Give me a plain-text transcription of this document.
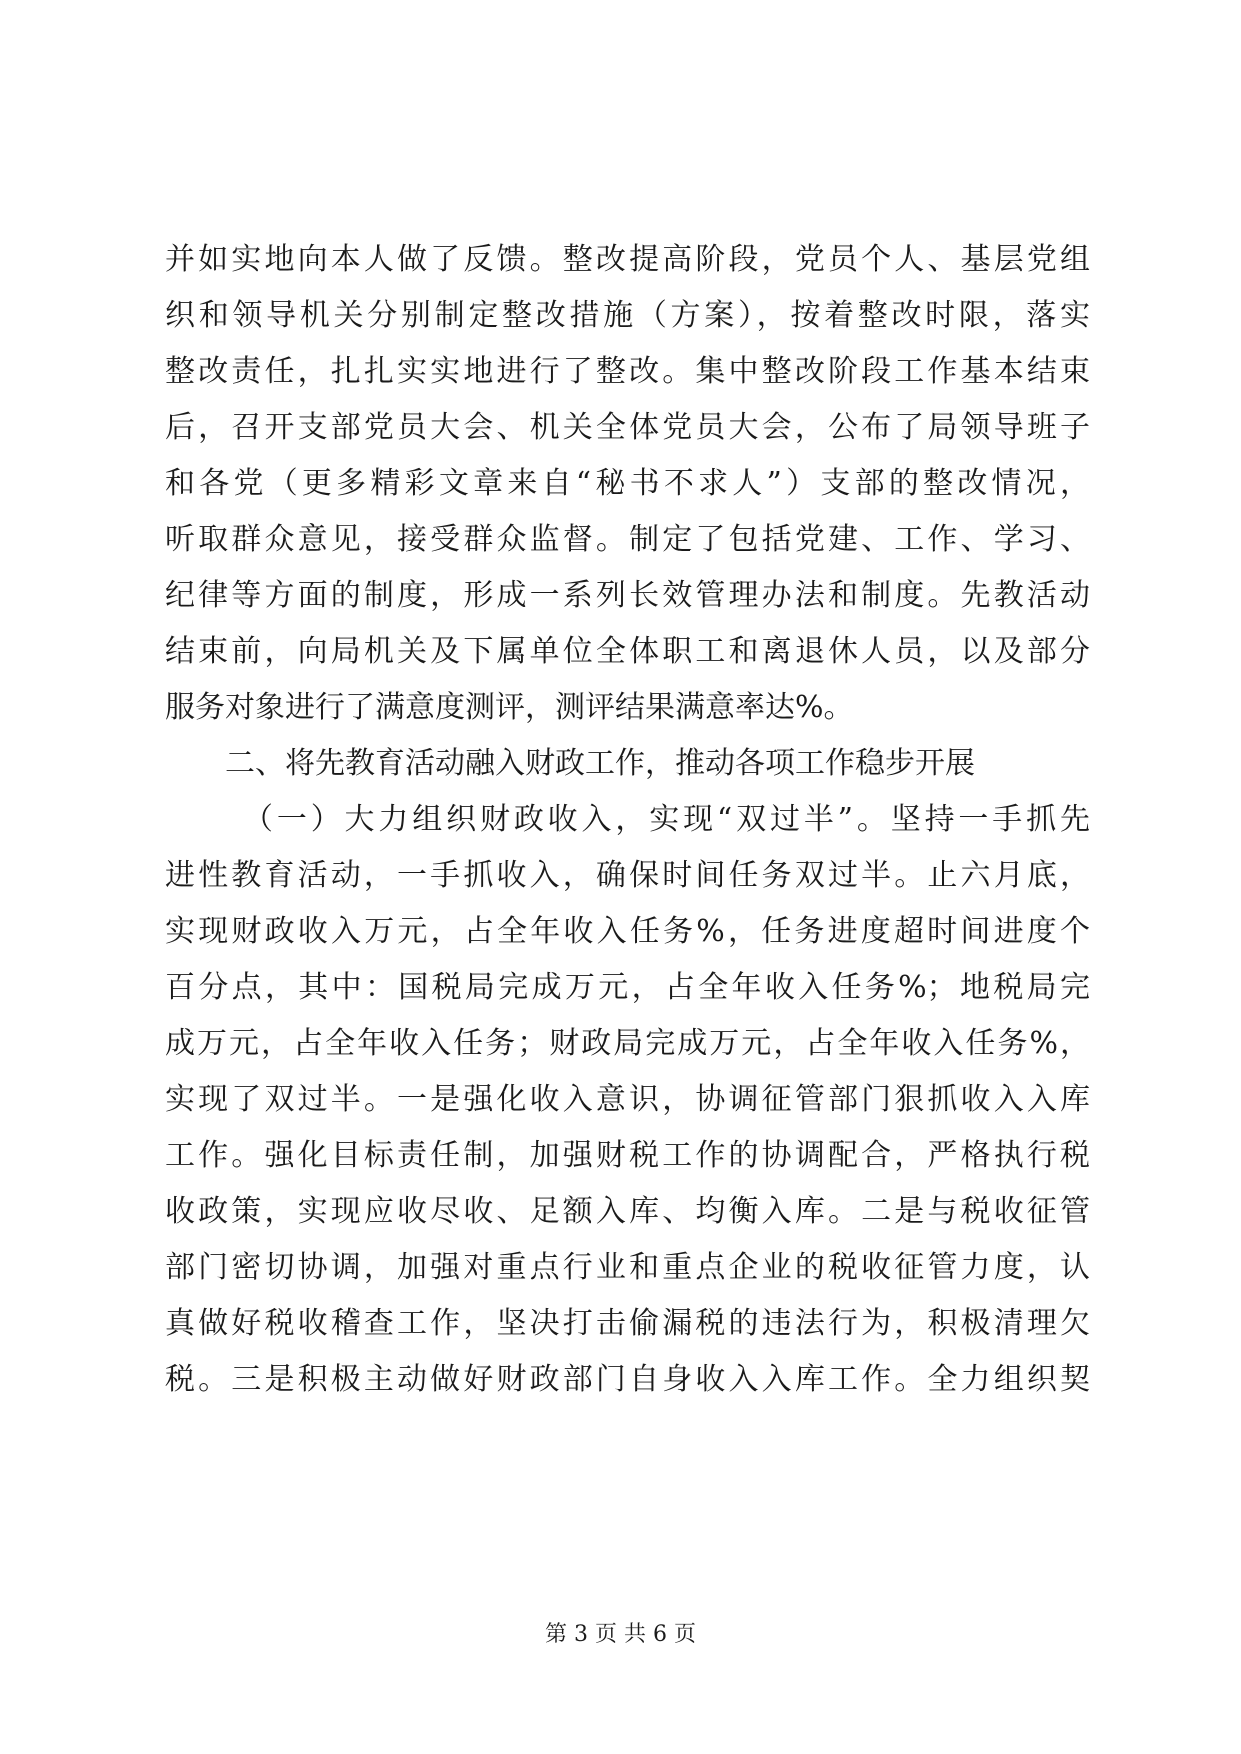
并如实地向本人做了反馈。整改提高阶段，党员个人、基层党组
织和领导机关分别制定整改措施（方案），按着整改时限，落实
整改责任，扎扎实实地进行了整改。集中整改阶段工作基本结束
后，召开支部党员大会、机关全体党员大会，公布了局领导班子
和各党（更多精彩文章来自“秘书不求人”）支部的整改情况，
听取群众意见，接受群众监督。制定了包括党建、工作、学习、
纪律等方面的制度，形成一系列长效管理办法和制度。先教活动
结束前，向局机关及下属单位全体职工和离退休人员，以及部分
服务对象进行了满意度测评，测评结果满意率达%。
二、将先教育活动融入财政工作，推动各项工作稳步开展
（一）大力组织财政收入，实现“双过半”。坚持一手抓先
进性教育活动，一手抓收入，确保时间任务双过半。止六月底，
实现财政收入万元，占全年收入任务%，任务进度超时间进度个
百分点，其中：国税局完成万元，占全年收入任务%；地税局完
成万元，占全年收入任务；财政局完成万元，占全年收入任务%，
实现了双过半。一是强化收入意识，协调征管部门狠抓收入入库
工作。强化目标责任制，加强财税工作的协调配合，严格执行税
收政策，实现应收尽收、足额入库、均衡入库。二是与税收征管
部门密切协调，加强对重点行业和重点企业的税收征管力度，认
真做好税收稽查工作，坚决打击偷漏税的违法行为，积极清理欠
税。三是积极主动做好财政部门自身收入入库工作。全力组织契
第 3 页 共 6 页
